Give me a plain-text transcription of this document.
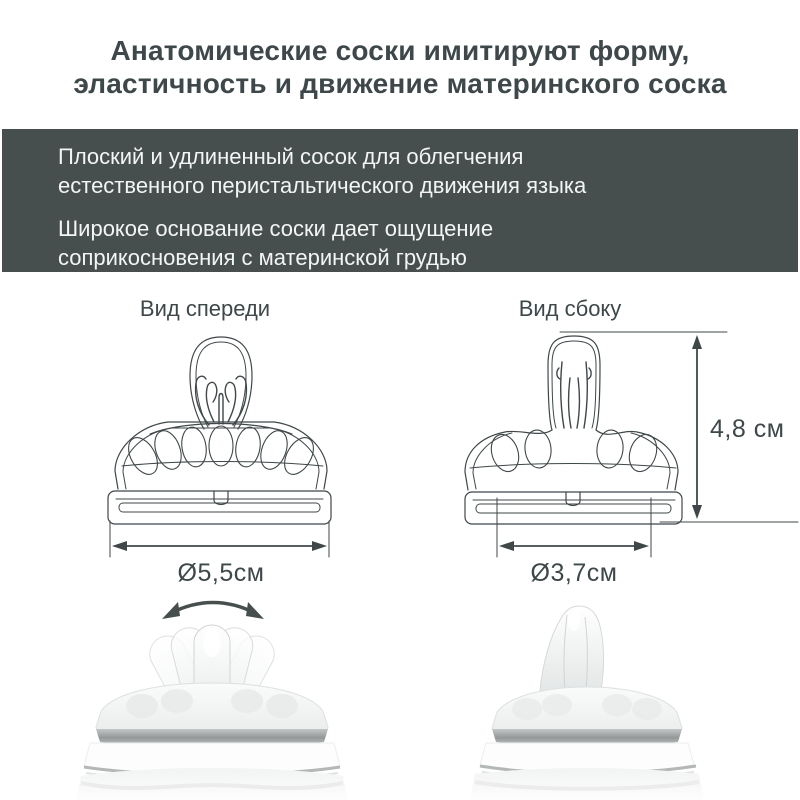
Анатомические соски имитируют форму,
эластичность и движение материнского соска

Плоский и удлиненный сосок для облегчения
естественного перистальтического движения языка

Широкое основание соски дает ощущение
соприкосновения с материнской грудью

Вид спереди	Вид сбоку
Ø5,5см	Ø3,7см
4,8 см
